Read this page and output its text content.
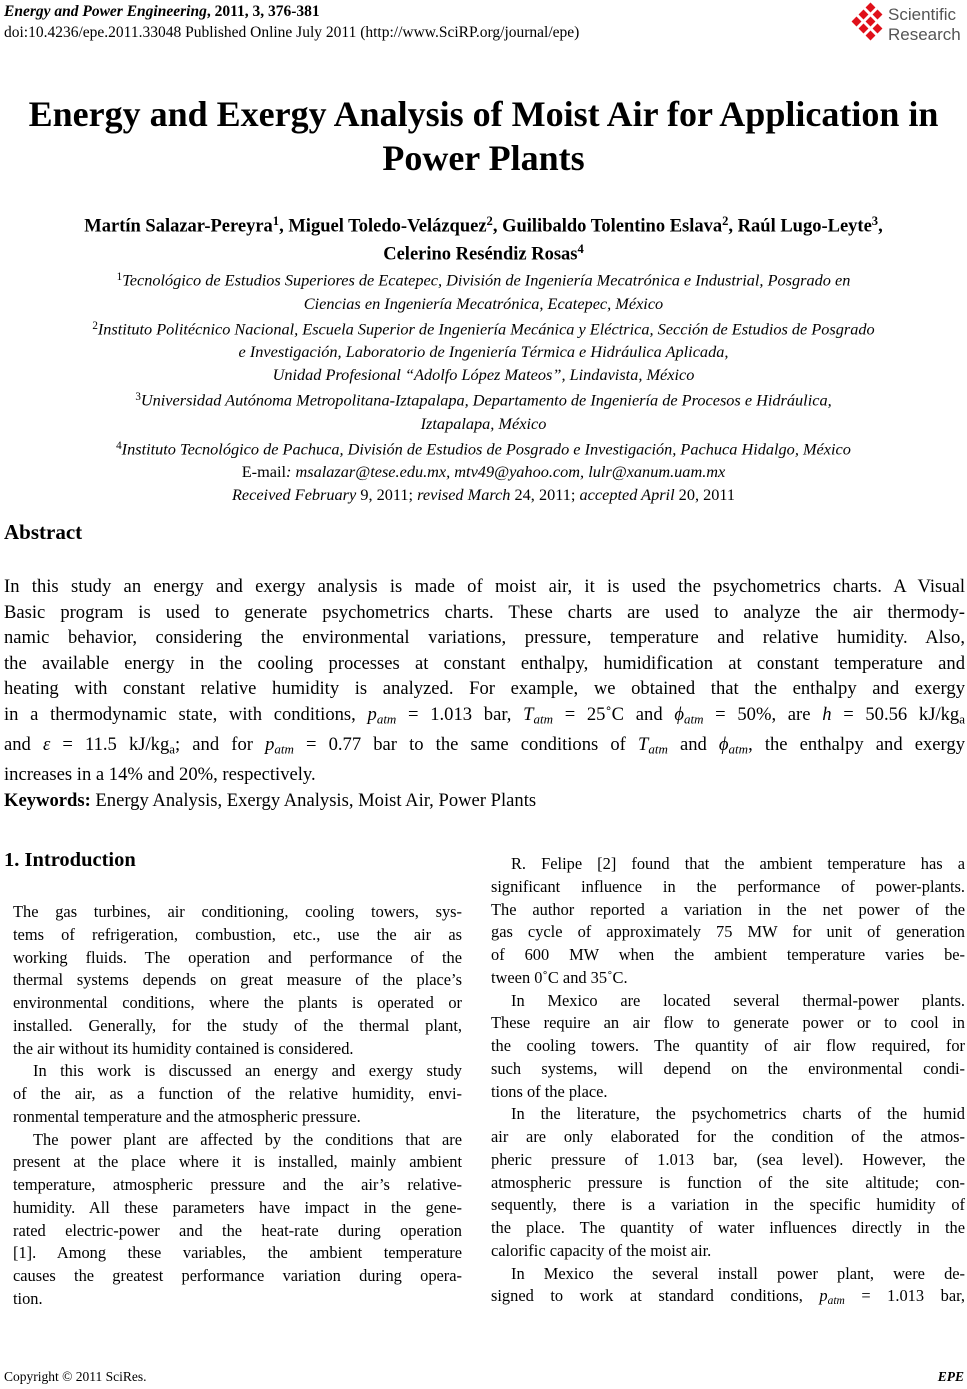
Energy and Power Engineering, 2011, 3, 376-381
doi:10.4236/epe.2011.33048 Published Online July 2011 (http://www.SciRP.org/journal/epe)
Scientific
Research
Energy and Exergy Analysis of Moist Air for Application in
Power Plants
Martín Salazar-Pereyra$^1$, Miguel Toledo-Velázquez$^2$, Guilibaldo Tolentino Eslava$^2$, Raúl Lugo-Leyte$^3$,
Celerino Reséndiz Rosas$^4$
$^1$Tecnológico de Estudios Superiores de Ecatepec, División de Ingeniería Mecatrónica e Industrial, Posgrado en
Ciencias en Ingeniería Mecatrónica, Ecatepec, México
$^2$Instituto Politécnico Nacional, Escuela Superior de Ingeniería Mecánica y Eléctrica, Sección de Estudios de Posgrado
e Investigación, Laboratorio de Ingeniería Térmica e Hidráulica Aplicada,
Unidad Profesional “Adolfo López Mateos”, Lindavista, México
$^3$Universidad Autónoma Metropolitana-Iztapalapa, Departamento de Ingeniería de Procesos e Hidráulica,
Iztapalapa, México
$^4$Instituto Tecnológico de Pachuca, División de Estudios de Posgrado e Investigación, Pachuca Hidalgo, México
E-mail: msalazar@tese.edu.mx, mtv49@yahoo.com, lulr@xanum.uam.mx
Received February 9, 2011; revised March 24, 2011; accepted April 20, 2011
Abstract
In this study an energy and exergy analysis is made of moist air, it is used the psychometrics charts. A Visual
Basic program is used to generate psychometrics charts. These charts are used to analyze the air thermody-
namic behavior, considering the environmental variations, pressure, temperature and relative humidity. Also,
the available energy in the cooling processes at constant enthalpy, humidification at constant temperature and
heating with constant relative humidity is analyzed. For example, we obtained that the enthalpy and exergy
in a thermodynamic state, with conditions, $p_{atm} = 1.013$ bar, $T_{atm}$ = 25˚C and $\phi_{atm} = 50\%$, are h = 50.56 $kJ/kg_a$
and ε = 11.5 $kJ/kg_a$; and for $p_{atm} = 0.77$ bar to the same conditions of $T_{atm}$ and $\phi_{atm}$, the enthalpy and exergy
increases in a 14% and 20%, respectively.
Keywords: Energy Analysis, Exergy Analysis, Moist Air, Power Plants
1. Introduction
The gas turbines, air conditioning, cooling towers, sys-
tems of refrigeration, combustion, etc., use the air as
working fluids. The operation and performance of the
thermal systems depends on great measure of the place’s
environmental conditions, where the plants is operated or
installed. Generally, for the study of the thermal plant,
the air without its humidity contained is considered.
In this work is discussed an energy and exergy study
of the air, as a function of the relative humidity, envi-
ronmental temperature and the atmospheric pressure.
The power plant are affected by the conditions that are
present at the place where it is installed, mainly ambient
temperature, atmospheric pressure and the air’s relative-
humidity. All these parameters have impact in the gene-
rated electric-power and the heat-rate during operation
[1]. Among these variables, the ambient temperature
causes the greatest performance variation during opera-
tion.
R. Felipe [2] found that the ambient temperature has a
significant influence in the performance of power-plants.
The author reported a variation in the net power of the
gas cycle of approximately 75 MW for unit of generation
of 600 MW when the ambient temperature varies be-
tween 0˚C and 35˚C.
In Mexico are located several thermal-power plants.
These require an air flow to generate power or to cool in
the cooling towers. The quantity of air flow required, for
such systems, will depend on the environmental condi-
tions of the place.
In the literature, the psychometrics charts of the humid
air are only elaborated for the condition of the atmos-
pheric pressure of 1.013 bar, (sea level). However, the
atmospheric pressure is function of the site altitude; con-
sequently, there is a variation in the specific humidity of
the place. The quantity of water influences directly in the
calorific capacity of the moist air.
In Mexico the several install power plant, were de-
signed to work at standard conditions, $p_{atm} = 1.013$ bar,
Copyright © 2011 SciRes.	EPE
